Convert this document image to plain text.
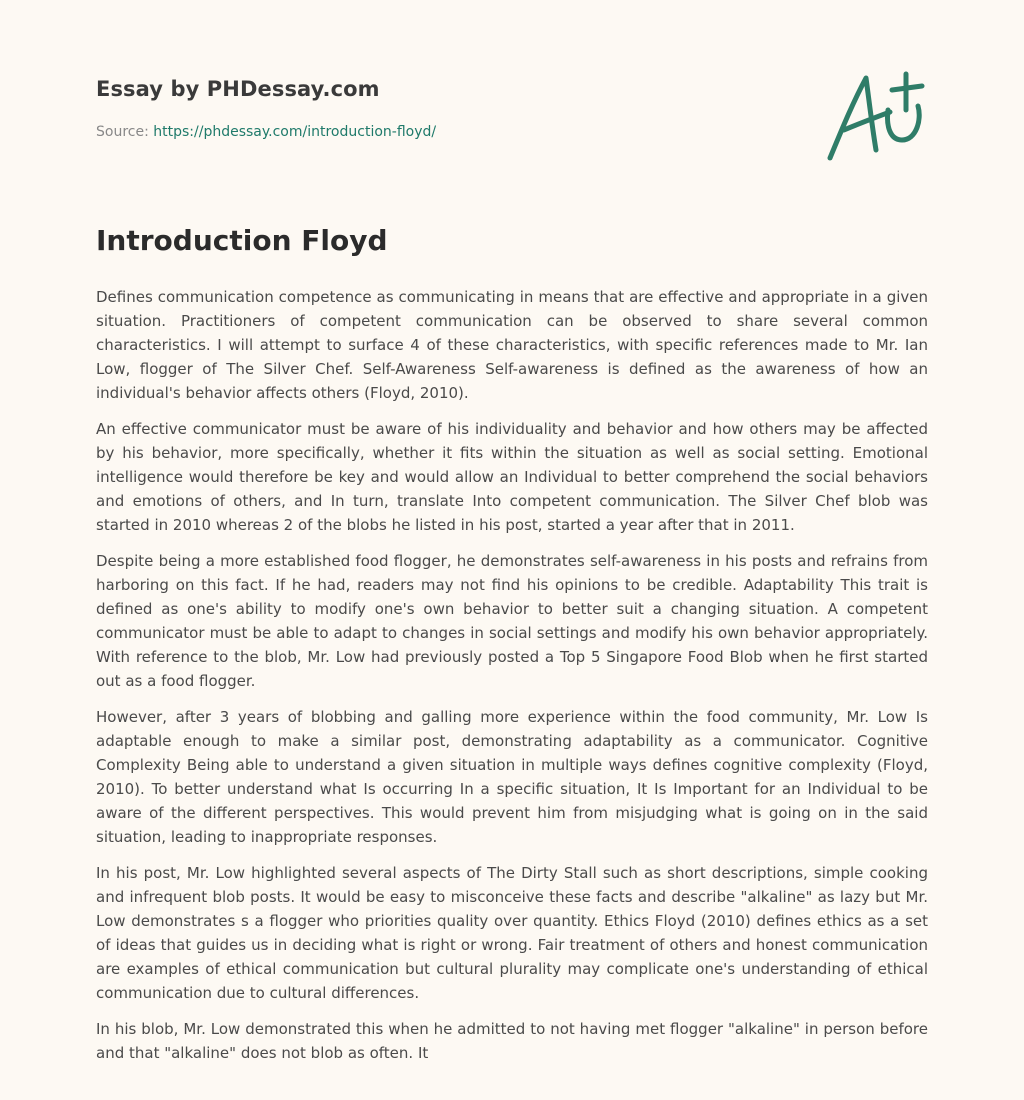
Essay by PHDessay.com
Source: https://phdessay.com/introduction-floyd/
Introduction Floyd

Defines communication competence as communicating in means that are effective and appropriate in a given situation. Practitioners of competent communication can be observed to share several common characteristics. I will attempt to surface 4 of these characteristics, with specific references made to Mr. Ian Low, flogger of The Silver Chef. Self-Awareness Self-awareness is defined as the awareness of how an individual's behavior affects others (Floyd, 2010).

An effective communicator must be aware of his individuality and behavior and how others may be affected by his behavior, more specifically, whether it fits within the situation as well as social setting. Emotional intelligence would therefore be key and would allow an Individual to better comprehend the social behaviors and emotions of others, and In turn, translate Into competent communication. The Silver Chef blob was started in 2010 whereas 2 of the blobs he listed in his post, started a year after that in 2011.

Despite being a more established food flogger, he demonstrates self-awareness in his posts and refrains from harboring on this fact. If he had, readers may not find his opinions to be credible. Adaptability This trait is defined as one's ability to modify one's own behavior to better suit a changing situation. A competent communicator must be able to adapt to changes in social settings and modify his own behavior appropriately. With reference to the blob, Mr. Low had previously posted a Top 5 Singapore Food Blob when he first started out as a food flogger.

However, after 3 years of blobbing and galling more experience within the food community, Mr. Low Is adaptable enough to make a similar post, demonstrating adaptability as a communicator. Cognitive Complexity Being able to understand a given situation in multiple ways defines cognitive complexity (Floyd, 2010). To better understand what Is occurring In a specific situation, It Is Important for an Individual to be aware of the different perspectives. This would prevent him from misjudging what is going on in the said situation, leading to inappropriate responses.

In his post, Mr. Low highlighted several aspects of The Dirty Stall such as short descriptions, simple cooking and infrequent blob posts. It would be easy to misconceive these facts and describe "alkaline" as lazy but Mr. Low demonstrates s a flogger who priorities quality over quantity. Ethics Floyd (2010) defines ethics as a set of ideas that guides us in deciding what is right or wrong. Fair treatment of others and honest communication are examples of ethical communication but cultural plurality may complicate one's understanding of ethical communication due to cultural differences.

In his blob, Mr. Low demonstrated this when he admitted to not having met flogger "alkaline" in person before and that "alkaline" does not blob as often. It
